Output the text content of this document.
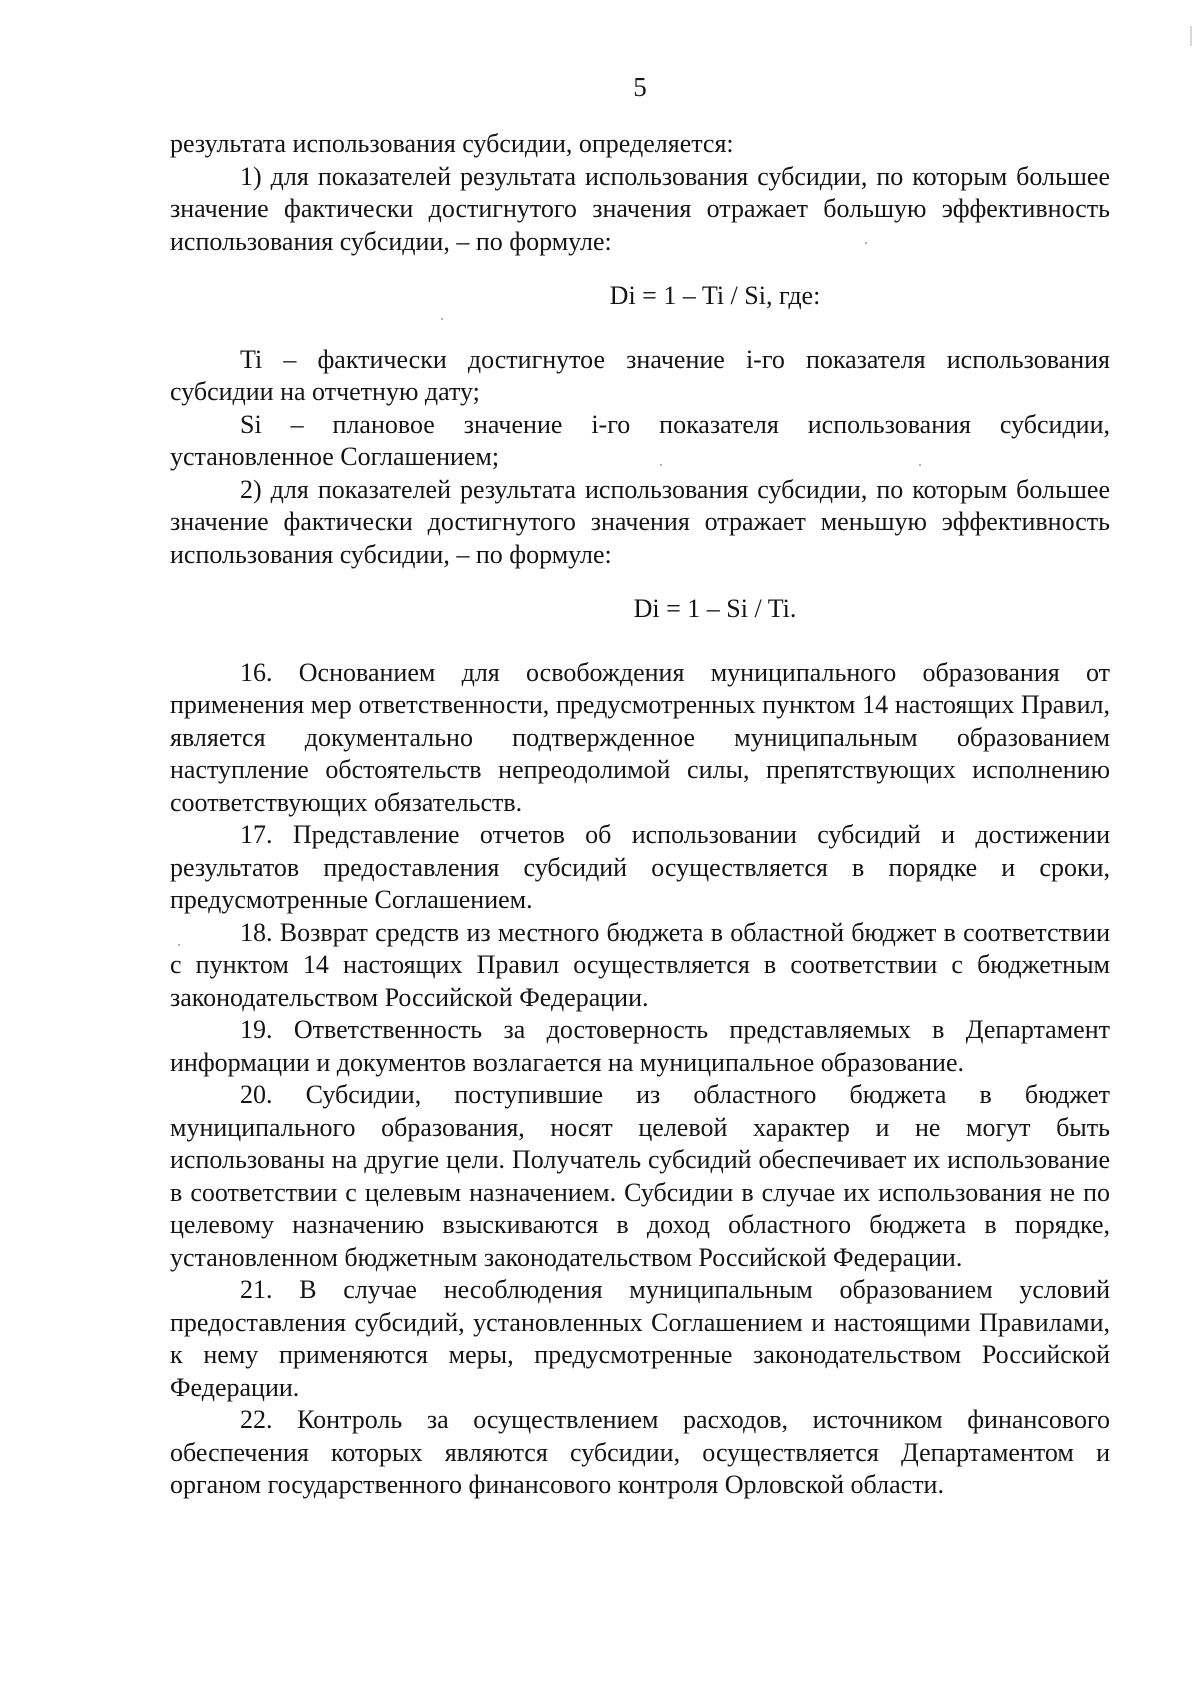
5

результата использования субсидии, определяется:

1) для показателей результата использования субсидии, по которым большее значение фактически достигнутого значения отражает большую эффективность использования субсидии, – по формуле:

Di = 1 – Ti / Si, где:

Ti – фактически достигнутое значение i-го показателя использования субсидии на отчетную дату;

Si – плановое значение i-го показателя использования субсидии, установленное Соглашением;

2) для показателей результата использования субсидии, по которым большее значение фактически достигнутого значения отражает меньшую эффективность использования субсидии, – по формуле:

Di = 1 – Si / Ti.

16. Основанием для освобождения муниципального образования от применения мер ответственности, предусмотренных пунктом 14 настоящих Правил, является документально подтвержденное муниципальным образованием наступление обстоятельств непреодолимой силы, препятствующих исполнению соответствующих обязательств.

17. Представление отчетов об использовании субсидий и достижении результатов предоставления субсидий осуществляется в порядке и сроки, предусмотренные Соглашением.

18. Возврат средств из местного бюджета в областной бюджет в соответствии с пунктом 14 настоящих Правил осуществляется в соответствии с бюджетным законодательством Российской Федерации.

19. Ответственность за достоверность представляемых в Департамент информации и документов возлагается на муниципальное образование.

20. Субсидии, поступившие из областного бюджета в бюджет муниципального образования, носят целевой характер и не могут быть использованы на другие цели. Получатель субсидий обеспечивает их использование в соответствии с целевым назначением. Субсидии в случае их использования не по целевому назначению взыскиваются в доход областного бюджета в порядке, установленном бюджетным законодательством Российской Федерации.

21. В случае несоблюдения муниципальным образованием условий предоставления субсидий, установленных Соглашением и настоящими Правилами, к нему применяются меры, предусмотренные законодательством Российской Федерации.

22. Контроль за осуществлением расходов, источником финансового обеспечения которых являются субсидии, осуществляется Департаментом и органом государственного финансового контроля Орловской области.
